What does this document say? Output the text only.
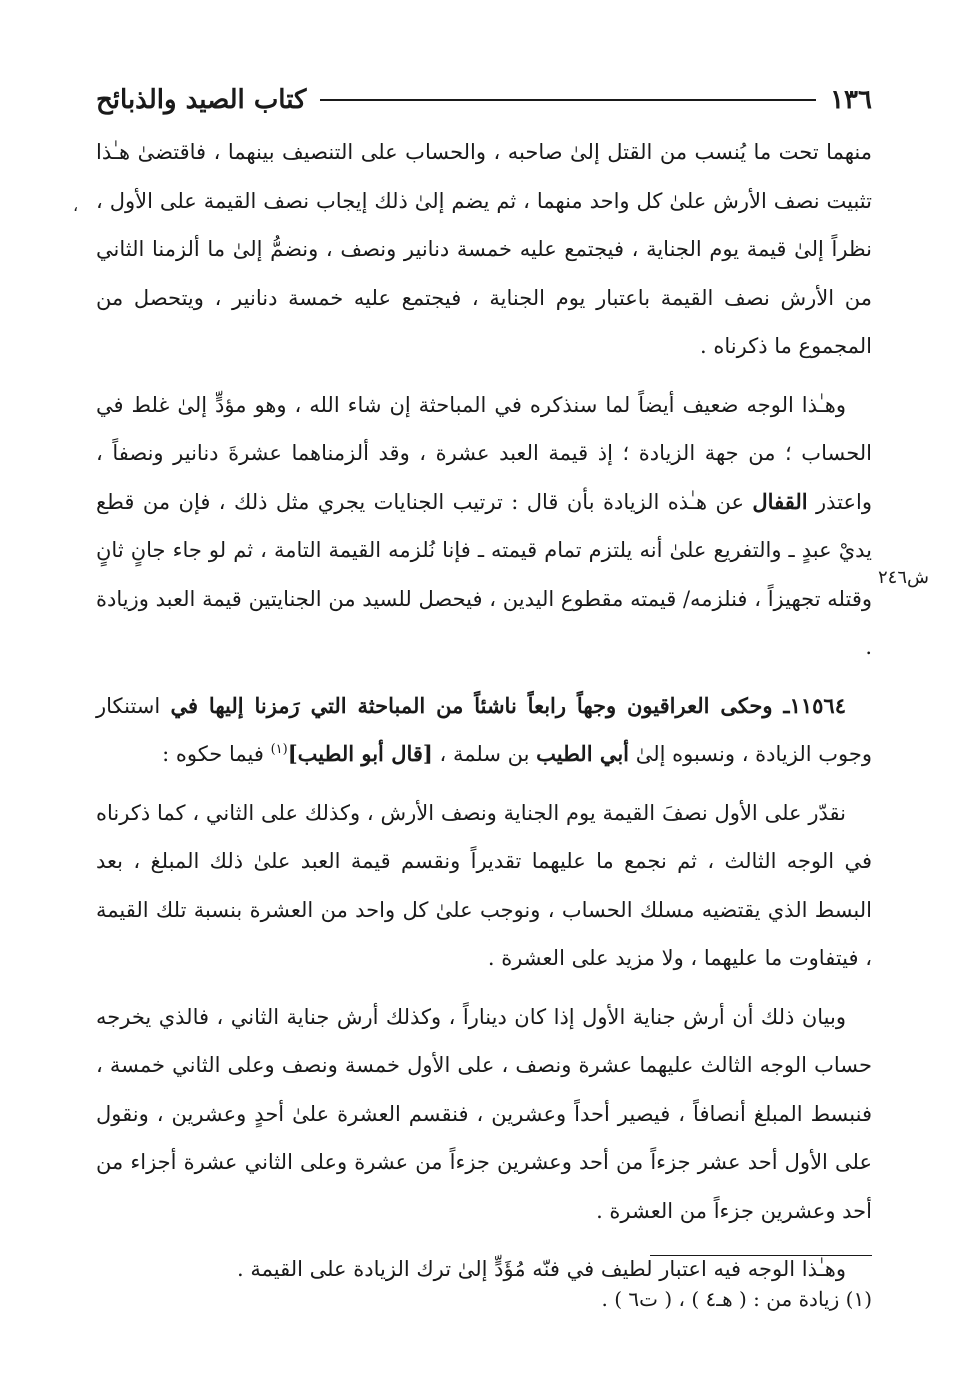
١٣٦
كتاب الصيد والذبائح
،

منهما تحت ما يُنسب من القتل إلىٰ صاحبه ، والحساب على التنصيف بينهما ، فاقتضىٰ هـٰذا تثبيت نصف الأرش علىٰ كل واحد منهما ، ثم يضم إلىٰ ذلك إيجاب نصف القيمة على الأول ، نظراً إلىٰ قيمة يوم الجناية ، فيجتمع عليه خمسة دنانير ونصف ، ونضمُّ إلىٰ ما ألزمنا الثاني من الأرش نصف القيمة باعتبار يوم الجناية ، فيجتمع عليه خمسة دنانير ، ويتحصل من المجموع ما ذكرناه .

وهـٰذا الوجه ضعيف أيضاً لما سنذكره في المباحثة إن شاء الله ، وهو مؤدٍّ إلىٰ غلط في الحساب ؛ من جهة الزيادة ؛ إذ قيمة العبد عشرة ، وقد ألزمناهما عشرةَ دنانير ونصفاً ، واعتذر القفال عن هـٰذه الزيادة بأن قال : ترتيب الجنايات يجري مثل ذلك ، فإن من قطع يديْ عبدٍ ـ والتفريع علىٰ أنه يلتزم تمام قيمته ـ فإنا نُلزمه القيمة التامة ، ثم لو جاء جانٍ ثانٍ وقتله تجهيزاً ، فنلزمه/ قيمته مقطوع اليدين ، فيحصل للسيد من الجنايتين قيمة العبد وزيادة .

١١٥٦٤ـ وحكى العراقيون وجهاً رابعاً ناشئاً من المباحثة التي رَمزنا إليها في استنكار وجوب الزيادة ، ونسبوه إلىٰ أبي الطيب بن سلمة ، [قال أبو الطيب]$^{(١)}$ فيما حكوه :

نقدّر على الأول نصفَ القيمة يوم الجناية ونصف الأرش ، وكذلك على الثاني ، كما ذكرناه في الوجه الثالث ، ثم نجمع ما عليهما تقديراً ونقسم قيمة العبد علىٰ ذلك المبلغ ، بعد البسط الذي يقتضيه مسلك الحساب ، ونوجب علىٰ كل واحد من العشرة بنسبة تلك القيمة ، فيتفاوت ما عليهما ، ولا مزيد على العشرة .

وبيان ذلك أن أرش جناية الأول إذا كان ديناراً ، وكذلك أرش جناية الثاني ، فالذي يخرجه حساب الوجه الثالث عليهما عشرة ونصف ، على الأول خمسة ونصف وعلى الثاني خمسة ، فنبسط المبلغ أنصافاً ، فيصير أحداً وعشرين ، فنقسم العشرة علىٰ أحدٍ وعشرين ، ونقول على الأول أحد عشر جزءاً من أحد وعشرين جزءاً من عشرة وعلى الثاني عشرة أجزاء من أحد وعشرين جزءاً من العشرة .

وهـٰذا الوجه فيه اعتبار لطيف في فنّه مُؤَدٍّ إلىٰ ترك الزيادة على القيمة .

ش٢٤٦
(١) زيادة من : ( هـ٤ ) ، ( ت٦ ) .
